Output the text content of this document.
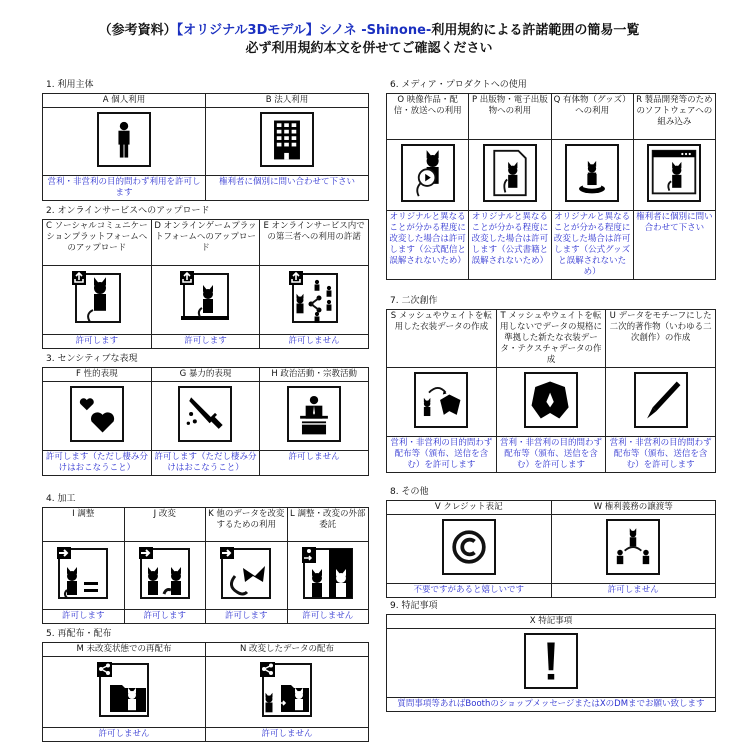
（参考資料）【オリジナル3Dモデル】シノネ -Shinone-利用規約による許諾範囲の簡易一覧
必ず利用規約本文を併せてご確認ください
1. 利用主体
A 個人利用	B 法人利用

営利・非営利の目的問わず利用を許可します	権利者に個別に問い合わせて下さい
2. オンラインサービスへのアップロード
C ソーシャルコミュニケーションプラットフォームへのアップロード	D オンラインゲームプラットフォームへのアップロード	E オンラインサービス内での第三者への利用の許諾

許可します	許可します	許可しません
3. センシティブな表現
F 性的表現	G 暴力的表現	H 政治活動・宗教活動

許可します（ただし棲み分けはおこなうこと）	許可します（ただし棲み分けはおこなうこと）	許可しません
4. 加工
I 調整	J 改変	K 他のデータを改変するための利用	L 調整・改変の外部委託

許可します	許可します	許可します	許可しません
5. 再配布・配布
M 未改変状態での再配布	N 改変したデータの配布

許可しません	許可しません
6. メディア・プロダクトへの使用
O 映像作品・配信・放送への利用	P 出版物・電子出版物への利用	Q 有体物（グッズ）への利用	R 製品開発等のためのソフトウェアへの組み込み

オリジナルと異なることが分かる程度に改変した場合は許可します（公式配信と誤解されないため）	オリジナルと異なることが分かる程度に改変した場合は許可します（公式書籍と誤解されないため）	オリジナルと異なることが分かる程度に改変した場合は許可します（公式グッズと誤解されないため）	権利者に個別に問い合わせて下さい
7. 二次創作
S メッシュやウェイトを転用した衣装データの作成	T メッシュやウェイトを転用しないでデータの規格に準拠した新たな衣装データ・テクスチャデータの作成	U データをモチーフにした二次的著作物（いわゆる二次創作）の作成

営利・非営利の目的問わず配布等（頒布、送信を含む）を許可します	営利・非営利の目的問わず配布等（頒布、送信を含む）を許可します	営利・非営利の目的問わず配布等（頒布、送信を含む）を許可します
8. その他
V クレジット表記	W 権利義務の譲渡等

不要ですがあると嬉しいです	許可しません
9. 特記事項
X 特記事項

質問事項等あればBoothのショップメッセージまたはXのDMまでお願い致します
